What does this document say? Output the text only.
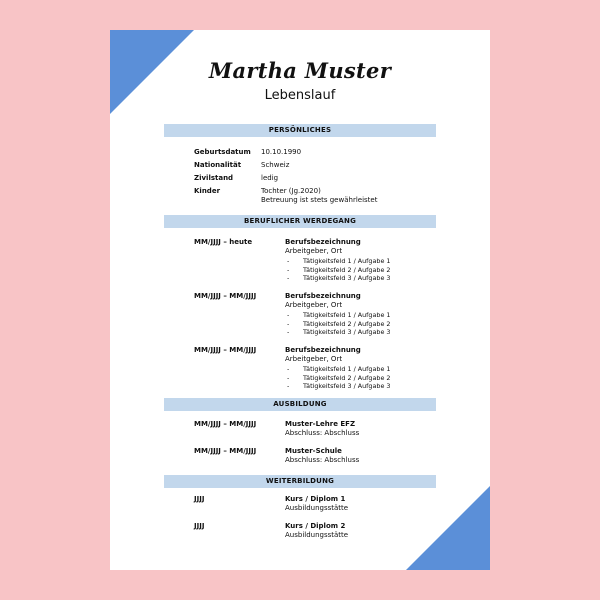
Martha Muster
Lebenslauf
PERSÖNLICHES
Geburtsdatum 10.10.1990
Nationalität	Schweiz
Zivilstand	ledig
Kinder	Tochter (Jg.2020)
Betreuung ist stets gewährleistet
BERUFLICHER WERDEGANG
MM/JJJJ – heute	Berufsbezeichnung
Arbeitgeber, Ort
- Tätigkeitsfeld 1 / Aufgabe 1
- Tätigkeitsfeld 2 / Aufgabe 2
- Tätigkeitsfeld 3 / Aufgabe 3
MM/JJJJ – MM/JJJJ	Berufsbezeichnung
Arbeitgeber, Ort
- Tätigkeitsfeld 1 / Aufgabe 1
- Tätigkeitsfeld 2 / Aufgabe 2
- Tätigkeitsfeld 3 / Aufgabe 3
MM/JJJJ – MM/JJJJ	Berufsbezeichnung
Arbeitgeber, Ort
- Tätigkeitsfeld 1 / Aufgabe 1
- Tätigkeitsfeld 2 / Aufgabe 2
- Tätigkeitsfeld 3 / Aufgabe 3
AUSBILDUNG
MM/JJJJ – MM/JJJJ	Muster-Lehre EFZ
Abschluss: Abschluss
MM/JJJJ – MM/JJJJ	Muster-Schule
Abschluss: Abschluss
WEITERBILDUNG
JJJJ	Kurs / Diplom 1
Ausbildungsstätte
JJJJ	Kurs / Diplom 2
Ausbildungsstätte
